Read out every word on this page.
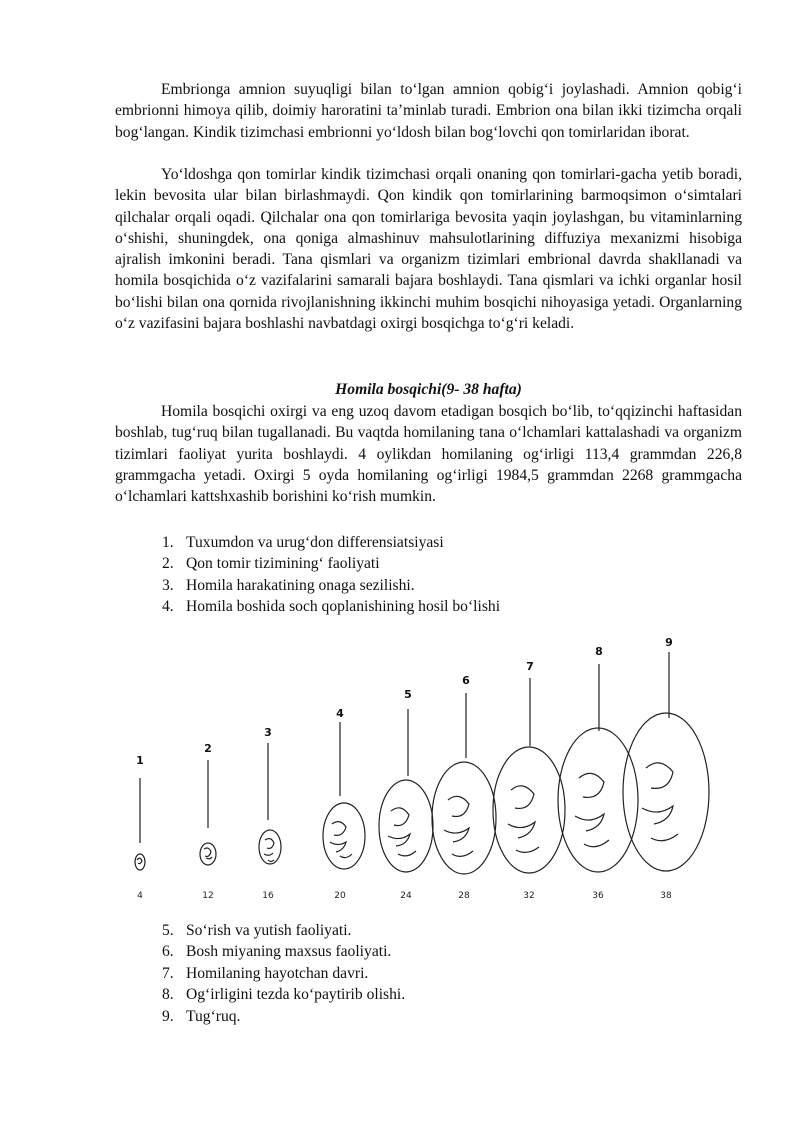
Embrionga amnion suyuqligi bilan to‘lgan amnion qobig‘i joylashadi. Amnion qobig‘i embrionni himoya qilib, doimiy haroratini ta’minlab turadi. Embrion ona bilan ikki tizimcha orqali bog‘langan. Kindik tizimchasi embrionni yo‘ldosh bilan bog‘lovchi qon tomirlaridan iborat.

Yo‘ldoshga qon tomirlar kindik tizimchasi orqali onaning qon tomirlari-gacha yetib boradi, lekin bevosita ular bilan birlashmaydi. Qon kindik qon tomirlarining barmoqsimon o‘simtalari qilchalar orqali oqadi. Qilchalar ona qon tomirlariga bevosita yaqin joylashgan, bu vitaminlarning o‘shishi, shuningdek, ona qoniga almashinuv mahsulotlarining diffuziya mexanizmi hisobiga ajralish imkonini beradi. Tana qismlari va organizm tizimlari embrional davrda shakllanadi va homila bosqichida o‘z vazifalarini samarali bajara boshlaydi. Tana qismlari va ichki organlar hosil bo‘lishi bilan ona qornida rivojlanishning ikkinchi muhim bosqichi nihoyasiga yetadi. Organlarning o‘z vazifasini bajara boshlashi navbatdagi oxirgi bosqichga to‘g‘ri keladi.

Homila bosqichi(9- 38 hafta)

Homila bosqichi oxirgi va eng uzoq davom etadigan bosqich bo‘lib, to‘qqizinchi haftasidan boshlab, tug‘ruq bilan tugallanadi. Bu vaqtda homilaning tana o‘lchamlari kattalashadi va organizm tizimlari faoliyat yurita boshlaydi. 4 oylikdan homilaning og‘irligi 113,4 grammdan 226,8 grammgacha yetadi. Oxirgi 5 oyda homilaning og‘irligi 1984,5 grammdan 2268 grammgacha o‘lchamlari kattshxashib borishini ko‘rish mumkin.

1. Tuxumdon va urug‘don differensiatsiyasi
2. Qon tomir tizimining‘ faoliyati
3. Homila harakatining onaga sezilishi.
4. Homila boshida soch qoplanishining hosil bo‘lishi
1
2
3
4
5
6
7
8
9
4	12	16	20	24	28	32	36	38
5. So‘rish va yutish faoliyati.
6. Bosh miyaning maxsus faoliyati.
7. Homilaning hayotchan davri.
8. Og‘irligini tezda ko‘paytirib olishi.
9. Tug‘ruq.
